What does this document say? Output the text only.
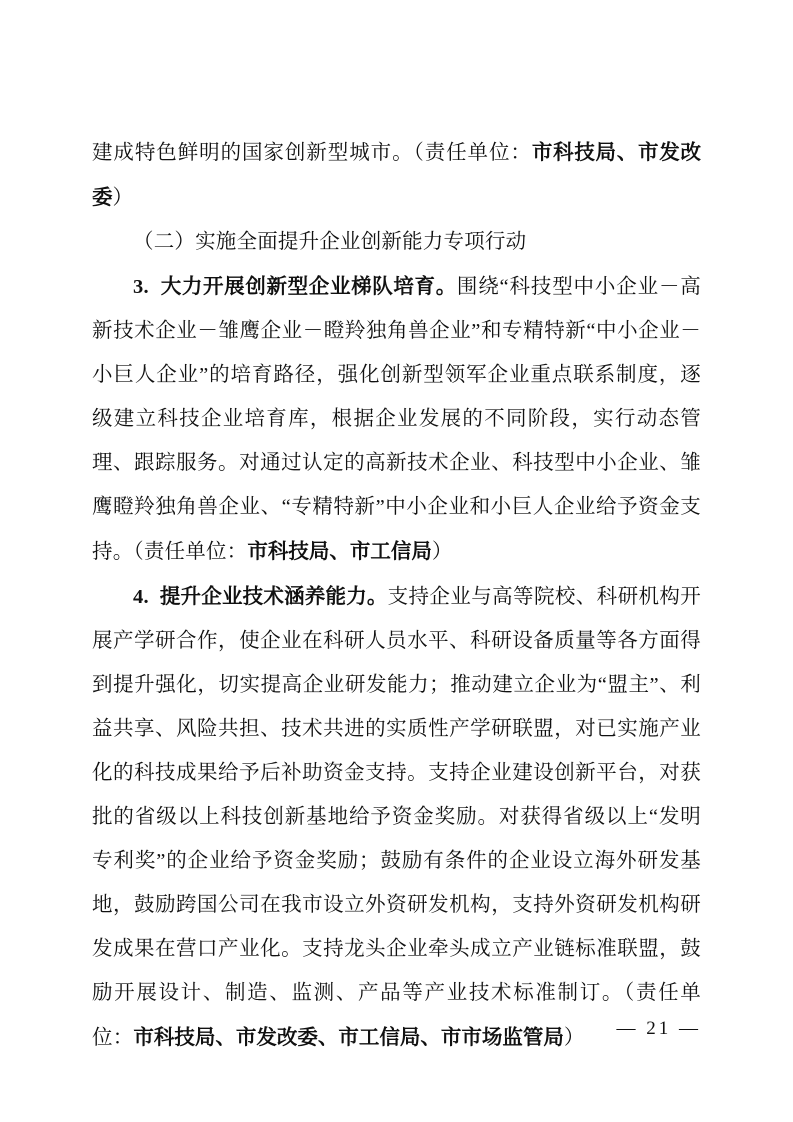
建成特色鲜明的国家创新型城市。（责任单位：市科技局、市发改委）

（二）实施全面提升企业创新能力专项行动

3. 大力开展创新型企业梯队培育。围绕“科技型中小企业－高新技术企业－雏鹰企业－瞪羚独角兽企业”和专精特新“中小企业－小巨人企业”的培育路径，强化创新型领军企业重点联系制度，逐级建立科技企业培育库，根据企业发展的不同阶段，实行动态管理、跟踪服务。对通过认定的高新技术企业、科技型中小企业、雏鹰瞪羚独角兽企业、“专精特新”中小企业和小巨人企业给予资金支持。（责任单位：市科技局、市工信局）

4. 提升企业技术涵养能力。支持企业与高等院校、科研机构开展产学研合作，使企业在科研人员水平、科研设备质量等各方面得到提升强化，切实提高企业研发能力；推动建立企业为“盟主”、利益共享、风险共担、技术共进的实质性产学研联盟，对已实施产业化的科技成果给予后补助资金支持。支持企业建设创新平台，对获批的省级以上科技创新基地给予资金奖励。对获得省级以上“发明专利奖”的企业给予资金奖励；鼓励有条件的企业设立海外研发基地，鼓励跨国公司在我市设立外资研发机构，支持外资研发机构研发成果在营口产业化。支持龙头企业牵头成立产业链标准联盟，鼓励开展设计、制造、监测、产品等产业技术标准制订。（责任单位：市科技局、市发改委、市工信局、市市场监管局）	— 21 —
